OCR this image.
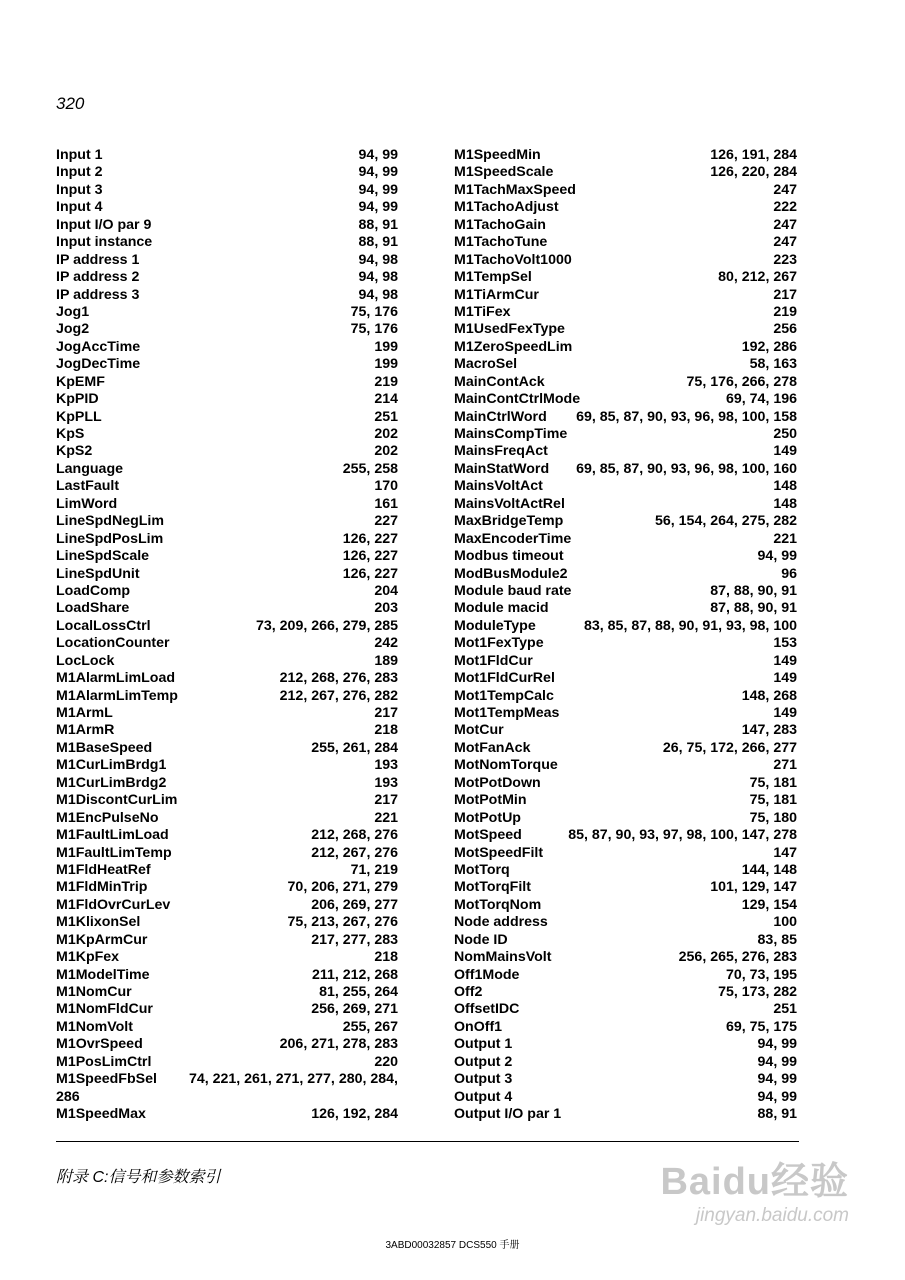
320
Input 1	94, 99
Input 2	94, 99
Input 3	94, 99
Input 4	94, 99
Input I/O par 9	88, 91
Input instance	88, 91
IP address 1	94, 98
IP address 2	94, 98
IP address 3	94, 98
Jog1	75, 176
Jog2	75, 176
JogAccTime	199
JogDecTime	199
KpEMF	219
KpPID	214
KpPLL	251
KpS	202
KpS2	202
Language	255, 258
LastFault	170
LimWord	161
LineSpdNegLim	227
LineSpdPosLim	126, 227
LineSpdScale	126, 227
LineSpdUnit	126, 227
LoadComp	204
LoadShare	203
LocalLossCtrl	73, 209, 266, 279, 285
LocationCounter	242
LocLock	189
M1AlarmLimLoad	212, 268, 276, 283
M1AlarmLimTemp	212, 267, 276, 282
M1ArmL	217
M1ArmR	218
M1BaseSpeed	255, 261, 284
M1CurLimBrdg1	193
M1CurLimBrdg2	193
M1DiscontCurLim	217
M1EncPulseNo	221
M1FaultLimLoad	212, 268, 276
M1FaultLimTemp	212, 267, 276
M1FldHeatRef	71, 219
M1FldMinTrip	70, 206, 271, 279
M1FldOvrCurLev	206, 269, 277
M1KlixonSel	75, 213, 267, 276
M1KpArmCur	217, 277, 283
M1KpFex	218
M1ModelTime	211, 212, 268
M1NomCur	81, 255, 264
M1NomFldCur	256, 269, 271
M1NomVolt	255, 267
M1OvrSpeed	206, 271, 278, 283
M1PosLimCtrl	220
M1SpeedFbSel	74, 221, 261, 271, 277, 280, 284,
286
M1SpeedMax	126, 192, 284
M1SpeedMin	126, 191, 284
M1SpeedScale	126, 220, 284
M1TachMaxSpeed	247
M1TachoAdjust	222
M1TachoGain	247
M1TachoTune	247
M1TachoVolt1000	223
M1TempSel	80, 212, 267
M1TiArmCur	217
M1TiFex	219
M1UsedFexType	256
M1ZeroSpeedLim	192, 286
MacroSel	58, 163
MainContAck	75, 176, 266, 278
MainContCtrlMode	69, 74, 196
MainCtrlWord	69, 85, 87, 90, 93, 96, 98, 100, 158
MainsCompTime	250
MainsFreqAct	149
MainStatWord	69, 85, 87, 90, 93, 96, 98, 100, 160
MainsVoltAct	148
MainsVoltActRel	148
MaxBridgeTemp	56, 154, 264, 275, 282
MaxEncoderTime	221
Modbus timeout	94, 99
ModBusModule2	96
Module baud rate	87, 88, 90, 91
Module macid	87, 88, 90, 91
ModuleType	83, 85, 87, 88, 90, 91, 93, 98, 100
Mot1FexType	153
Mot1FldCur	149
Mot1FldCurRel	149
Mot1TempCalc	148, 268
Mot1TempMeas	149
MotCur	147, 283
MotFanAck	26, 75, 172, 266, 277
MotNomTorque	271
MotPotDown	75, 181
MotPotMin	75, 181
MotPotUp	75, 180
MotSpeed	85, 87, 90, 93, 97, 98, 100, 147, 278
MotSpeedFilt	147
MotTorq	144, 148
MotTorqFilt	101, 129, 147
MotTorqNom	129, 154
Node address	100
Node ID	83, 85
NomMainsVolt	256, 265, 276, 283
Off1Mode	70, 73, 195
Off2	75, 173, 282
OffsetIDC	251
OnOff1	69, 75, 175
Output 1	94, 99
Output 2	94, 99
Output 3	94, 99
Output 4	94, 99
Output I/O par 1	88, 91
附录 C:信号和参数索引
3ABD00032857 DCS550 手册
Baidu经验
jingyan.baidu.com
